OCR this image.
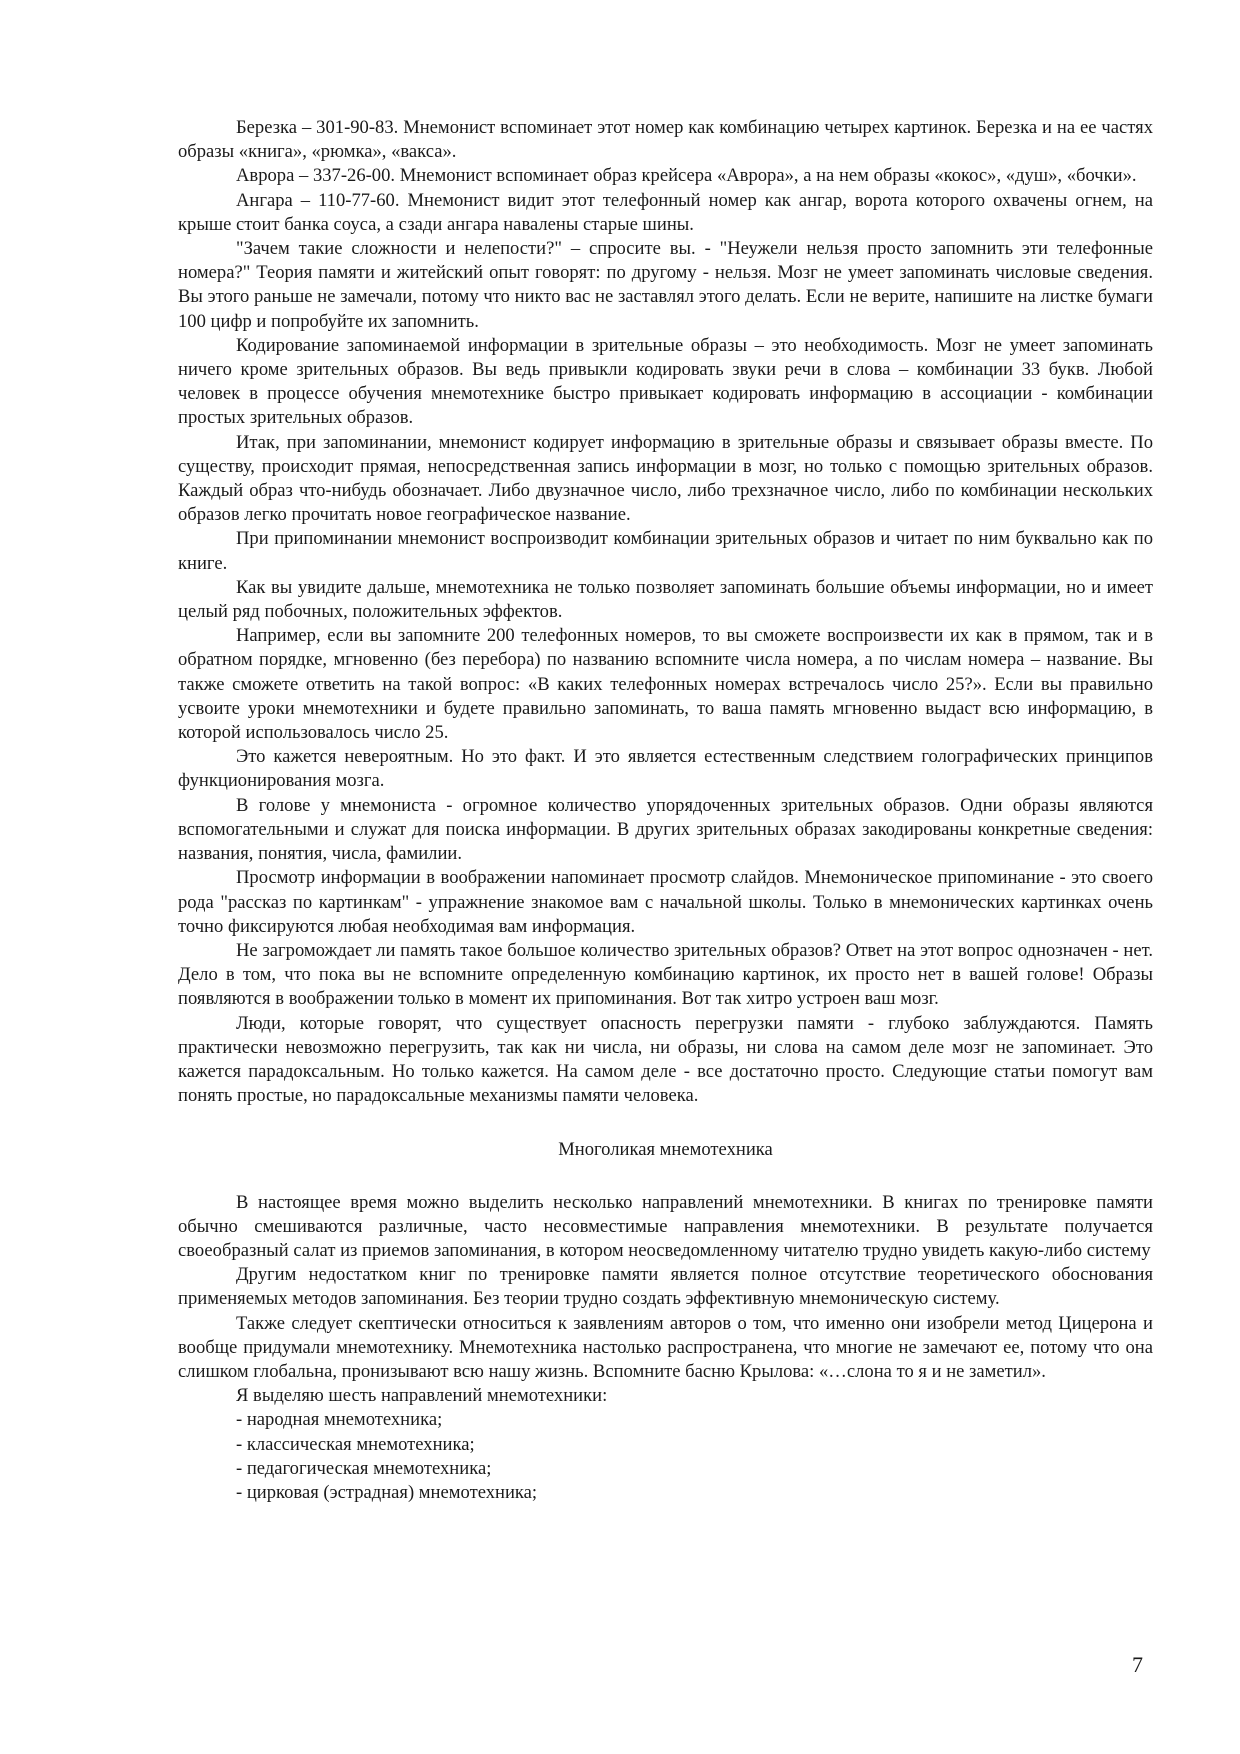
Березка – 301-90-83. Мнемонист вспоминает этот номер как комбинацию четырех картинок. Березка и на ее частях образы «книга», «рюмка», «вакса».

Аврора – 337-26-00. Мнемонист вспоминает образ крейсера «Аврора», а на нем образы «кокос», «душ», «бочки».

Ангара – 110-77-60. Мнемонист видит этот телефонный номер как ангар, ворота которого охвачены огнем, на крыше стоит банка соуса, а сзади ангара навалены старые шины.

"Зачем такие сложности и нелепости?" – спросите вы. - "Неужели нельзя просто запомнить эти телефонные номера?" Теория памяти и житейский опыт говорят: по другому - нельзя. Мозг не умеет запоминать числовые сведения. Вы этого раньше не замечали, потому что никто вас не заставлял этого делать. Если не верите, напишите на листке бумаги 100 цифр и попробуйте их запомнить.

Кодирование запоминаемой информации в зрительные образы – это необходимость. Мозг не умеет запоминать ничего кроме зрительных образов. Вы ведь привыкли кодировать звуки речи в слова – комбинации 33 букв. Любой человек в процессе обучения мнемотехнике быстро привыкает кодировать информацию в ассоциации - комбинации простых зрительных образов.

Итак, при запоминании, мнемонист кодирует информацию в зрительные образы и связывает образы вместе. По существу, происходит прямая, непосредственная запись информации в мозг, но только с помощью зрительных образов. Каждый образ что-нибудь обозначает. Либо двузначное число, либо трехзначное число, либо по комбинации нескольких образов легко прочитать новое географическое название.

При припоминании мнемонист воспроизводит комбинации зрительных образов и читает по ним буквально как по книге.

Как вы увидите дальше, мнемотехника не только позволяет запоминать большие объемы информации, но и имеет целый ряд побочных, положительных эффектов.

Например, если вы запомните 200 телефонных номеров, то вы сможете воспроизвести их как в прямом, так и в обратном порядке, мгновенно (без перебора) по названию вспомните числа номера, а по числам номера – название. Вы также сможете ответить на такой вопрос: «В каких телефонных номерах встречалось число 25?». Если вы правильно усвоите уроки мнемотехники и будете правильно запоминать, то ваша память мгновенно выдаст всю информацию, в которой использовалось число 25.

Это кажется невероятным. Но это факт. И это является естественным следствием голографических принципов функционирования мозга.

В голове у мнемониста - огромное количество упорядоченных зрительных образов. Одни образы являются вспомогательными и служат для поиска информации. В других зрительных образах закодированы конкретные сведения: названия, понятия, числа, фамилии.

Просмотр информации в воображении напоминает просмотр слайдов. Мнемоническое припоминание - это своего рода "рассказ по картинкам" - упражнение знакомое вам с начальной школы. Только в мнемонических картинках очень точно фиксируются любая необходимая вам информация.

Не загромождает ли память такое большое количество зрительных образов? Ответ на этот вопрос однозначен - нет. Дело в том, что пока вы не вспомните определенную комбинацию картинок, их просто нет в вашей голове! Образы появляются в воображении только в момент их припоминания. Вот так хитро устроен ваш мозг.

Люди, которые говорят, что существует опасность перегрузки памяти - глубоко заблуждаются. Память практически невозможно перегрузить, так как ни числа, ни образы, ни слова на самом деле мозг не запоминает. Это кажется парадоксальным. Но только кажется. На самом деле - все достаточно просто. Следующие статьи помогут вам понять простые, но парадоксальные механизмы памяти человека.

Многоликая мнемотехника

В настоящее время можно выделить несколько направлений мнемотехники. В книгах по тренировке памяти обычно смешиваются различные, часто несовместимые направления мнемотехники. В результате получается своеобразный салат из приемов запоминания, в котором неосведомленному читателю трудно увидеть какую-либо систему

Другим недостатком книг по тренировке памяти является полное отсутствие теоретического обоснования применяемых методов запоминания. Без теории трудно создать эффективную мнемоническую систему.

Также следует скептически относиться к заявлениям авторов о том, что именно они изобрели метод Цицерона и вообще придумали мнемотехнику. Мнемотехника настолько распространена, что многие не замечают ее, потому что она слишком глобальна, пронизывают всю нашу жизнь. Вспомните басню Крылова: «…слона то я и не заметил».

Я выделяю шесть направлений мнемотехники:

- народная мнемотехника;
- классическая мнемотехника;
- педагогическая мнемотехника;
- цирковая (эстрадная) мнемотехника;
7
